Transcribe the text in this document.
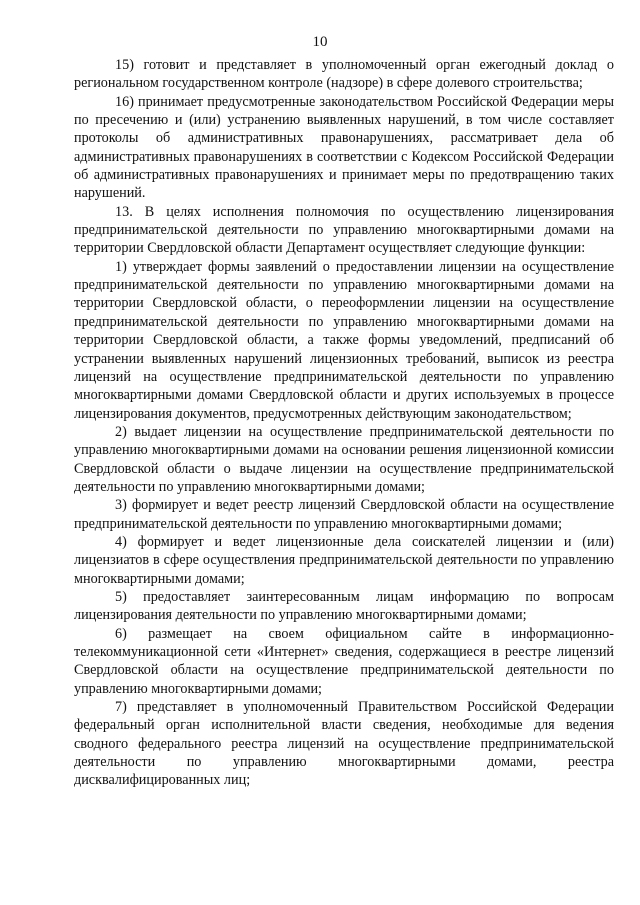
10

15) готовит и представляет в уполномоченный орган ежегодный доклад о региональном государственном контроле (надзоре) в сфере долевого строительства;

16) принимает предусмотренные законодательством Российской Федерации меры по пресечению и (или) устранению выявленных нарушений, в том числе составляет протоколы об административных правонарушениях, рассматривает дела об административных правонарушениях в соответствии с Кодексом Российской Федерации об административных правонарушениях и принимает меры по предотвращению таких нарушений.

13. В целях исполнения полномочия по осуществлению лицензирования предпринимательской деятельности по управлению многоквартирными домами на территории Свердловской области Департамент осуществляет следующие функции:

1) утверждает формы заявлений о предоставлении лицензии на осуществление предпринимательской деятельности по управлению многоквартирными домами на территории Свердловской области, о переоформлении лицензии на осуществление предпринимательской деятельности по управлению многоквартирными домами на территории Свердловской области, а также формы уведомлений, предписаний об устранении выявленных нарушений лицензионных требований, выписок из реестра лицензий на осуществление предпринимательской деятельности по управлению многоквартирными домами Свердловской области и других используемых в процессе лицензирования документов, предусмотренных действующим законодательством;

2) выдает лицензии на осуществление предпринимательской деятельности по управлению многоквартирными домами на основании решения лицензионной комиссии Свердловской области о выдаче лицензии на осуществление предпринимательской деятельности по управлению многоквартирными домами;

3) формирует и ведет реестр лицензий Свердловской области на осуществление предпринимательской деятельности по управлению многоквартирными домами;

4) формирует и ведет лицензионные дела соискателей лицензии и (или) лицензиатов в сфере осуществления предпринимательской деятельности по управлению многоквартирными домами;

5) предоставляет заинтересованным лицам информацию по вопросам лицензирования деятельности по управлению многоквартирными домами;

6) размещает на своем официальном сайте в информационно-телекоммуникационной сети «Интернет» сведения, содержащиеся в реестре лицензий Свердловской области на осуществление предпринимательской деятельности по управлению многоквартирными домами;

7) представляет в уполномоченный Правительством Российской Федерации федеральный орган исполнительной власти сведения, необходимые для ведения сводного федерального реестра лицензий на осуществление предпринимательской деятельности по управлению многоквартирными домами, реестра дисквалифицированных лиц;
